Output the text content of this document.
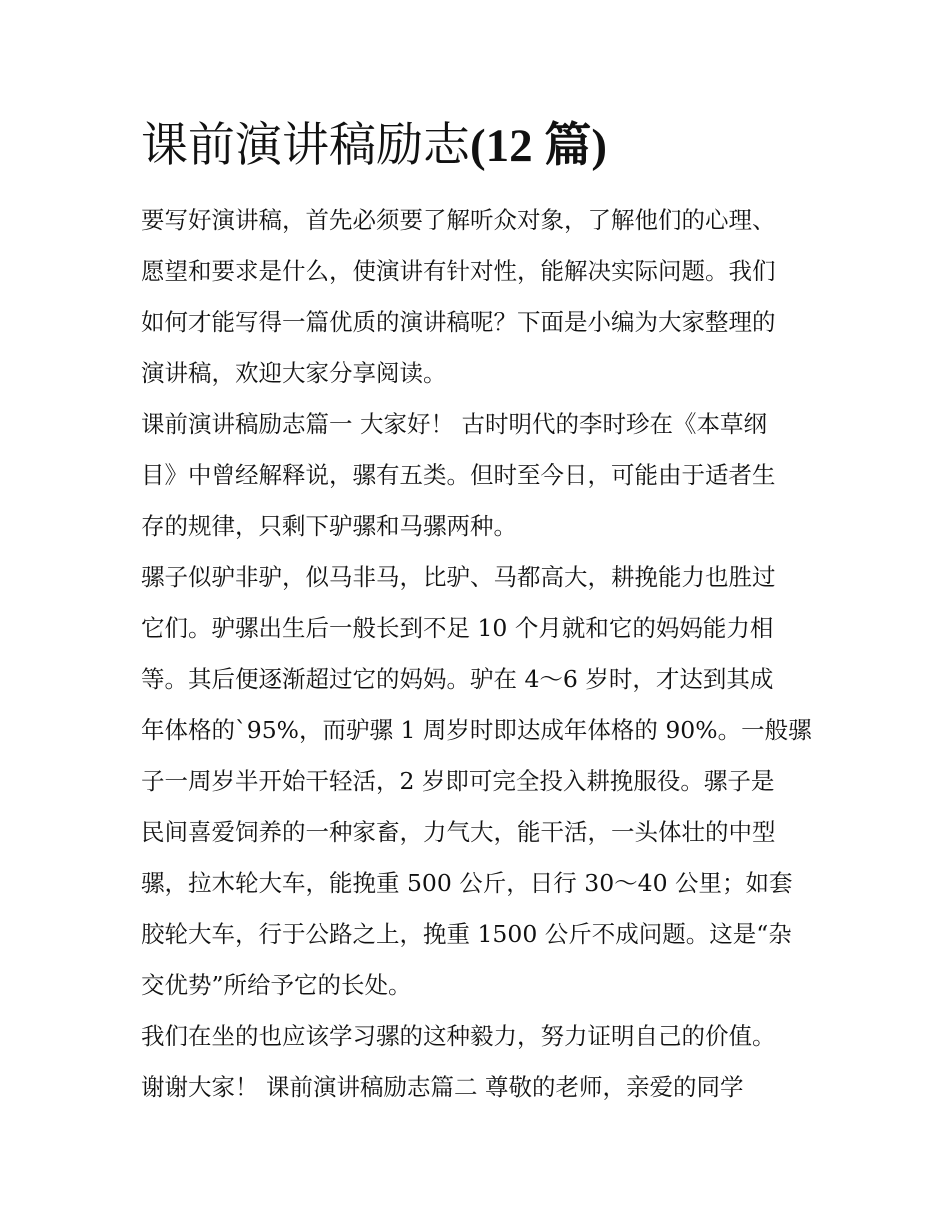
课前演讲稿励志(12 篇)
要写好演讲稿，首先必须要了解听众对象，了解他们的心理、
愿望和要求是什么，使演讲有针对性，能解决实际问题。我们
如何才能写得一篇优质的演讲稿呢？下面是小编为大家整理的
演讲稿，欢迎大家分享阅读。
课前演讲稿励志篇一 大家好！ 古时明代的李时珍在《本草纲
目》中曾经解释说，骡有五类。但时至今日，可能由于适者生
存的规律，只剩下驴骡和马骡两种。
骡子似驴非驴，似马非马，比驴、马都高大，耕挽能力也胜过
它们。驴骡出生后一般长到不足 10 个月就和它的妈妈能力相
等。其后便逐渐超过它的妈妈。驴在 4～6 岁时，才达到其成
年体格的`95%，而驴骡 1 周岁时即达成年体格的 90%。一般骡
子一周岁半开始干轻活，2 岁即可完全投入耕挽服役。骡子是
民间喜爱饲养的一种家畜，力气大，能干活，一头体壮的中型
骡，拉木轮大车，能挽重 500 公斤，日行 30～40 公里；如套
胶轮大车，行于公路之上，挽重 1500 公斤不成问题。这是“杂
交优势”所给予它的长处。
我们在坐的也应该学习骡的这种毅力，努力证明自己的价值。
谢谢大家！ 课前演讲稿励志篇二 尊敬的老师，亲爱的同学
